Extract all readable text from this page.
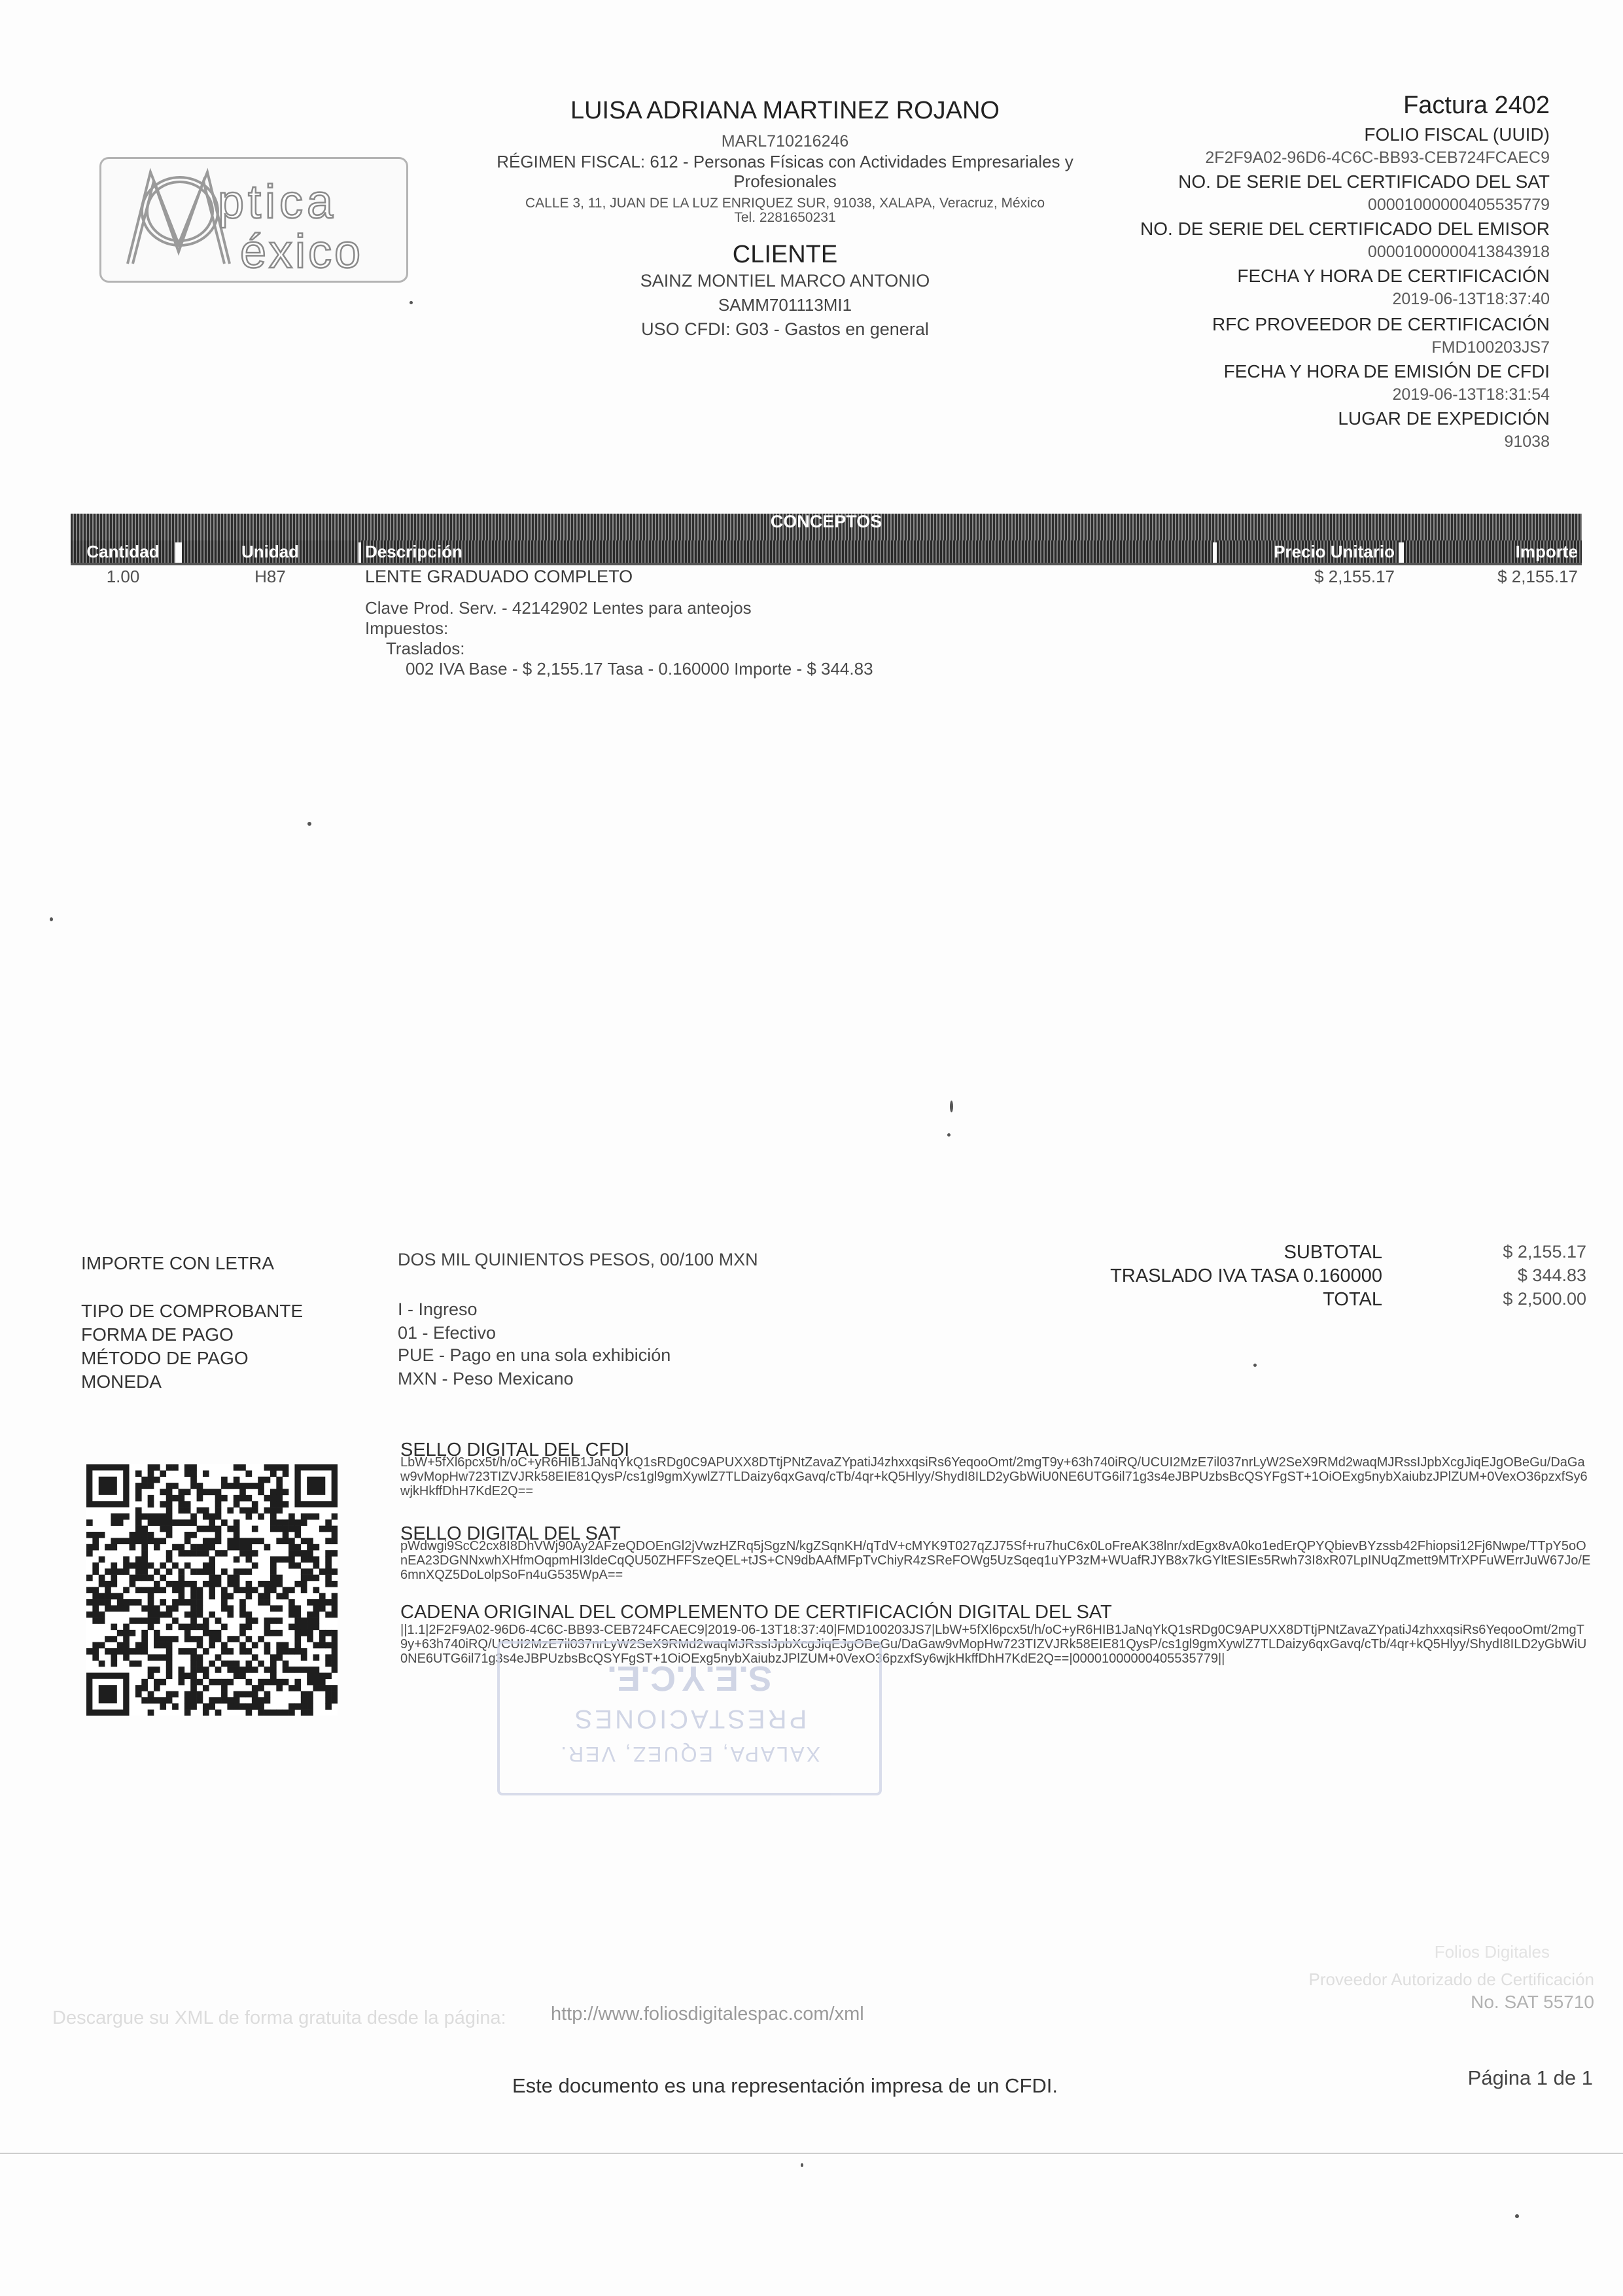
LUISA ADRIANA MARTINEZ ROJANO
MARL710216246
RÉGIMEN FISCAL: 612 - Personas Físicas con Actividades Empresariales y Profesionales
CALLE 3, 11, JUAN DE LA LUZ ENRIQUEZ SUR, 91038, XALAPA, Veracruz, México
Tel. 2281650231
CLIENTE
SAINZ MONTIEL MARCO ANTONIO
SAMM701113MI1
USO CFDI: G03 - Gastos en general
ptica
éxico
Factura 2402
FOLIO FISCAL (UUID)
2F2F9A02-96D6-4C6C-BB93-CEB724FCAEC9
NO. DE SERIE DEL CERTIFICADO DEL SAT
00001000000405535779
NO. DE SERIE DEL CERTIFICADO DEL EMISOR
00001000000413843918
FECHA Y HORA DE CERTIFICACIÓN
2019-06-13T18:37:40
RFC PROVEEDOR DE CERTIFICACIÓN
FMD100203JS7
FECHA Y HORA DE EMISIÓN DE CFDI
2019-06-13T18:31:54
LUGAR DE EXPEDICIÓN
91038
CONCEPTOS
Cantidad	Unidad	Descripción	Precio Unitario	Importe
1.00	H87	LENTE GRADUADO COMPLETO	$ 2,155.17	$ 2,155.17
Clave Prod. Serv. - 42142902 Lentes para anteojos
Impuestos:
Traslados:
002 IVA Base - $ 2,155.17 Tasa - 0.160000 Importe - $ 344.83
IMPORTE CON LETRA	DOS MIL QUINIENTOS PESOS, 00/100 MXN
TIPO DE COMPROBANTE	I - Ingreso
FORMA DE PAGO	01 - Efectivo
MÉTODO DE PAGO	PUE - Pago en una sola exhibición
MONEDA	MXN - Peso Mexicano
SUBTOTAL	$ 2,155.17
TRASLADO IVA TASA 0.160000	$ 344.83
TOTAL	$ 2,500.00
SELLO DIGITAL DEL CFDI
LbW+5fXl6pcx5t/h/oC+yR6HIB1JaNqYkQ1sRDg0C9APUXX8DTtjPNtZavaZYpatiJ4zhxxqsiRs6YeqooOmt/2mgT9y+63h740iRQ/UCUI2MzE7il037nrLyW2SeX9RMd2waqMJRssIJpbXcgJiqEJgOBeGu/DaGaw9vMopHw723TIZVJRk58EIE81QysP/cs1gl9gmXywlZ7TLDaizy6qxGavq/cTb/4qr+kQ5Hlyy/ShydI8ILD2yGbWiU0NE6UTG6il71g3s4eJBPUzbsBcQSYFgST+1OiOExg5nybXaiubzJPlZUM+0VexO36pzxfSy6wjkHkffDhH7KdE2Q==
SELLO DIGITAL DEL SAT
pWdwgi9ScC2cx8I8DhVWj90Ay2AFzeQDOEnGl2jVwzHZRq5jSgzN/kgZSqnKH/qTdV+cMYK9T027qZJ75Sf+ru7huC6x0LoFreAK38lnr/xdEgx8vA0ko1edErQPYQbievBYzssb42Fhiopsi12Fj6Nwpe/TTpY5oOnEA23DGNNxwhXHfmOqpmHI3ldeCqQU50ZHFFSzeQEL+tJS+CN9dbAAfMFpTvChiyR4zSReFOWg5UzSqeq1uYP3zM+WUafRJYB8x7kGYltESIEs5Rwh73I8xR07LpINUqZmett9MTrXPFuWErrJuW67Jo/E6mnXQZ5DoLolpSoFn4uG535WpA==
CADENA ORIGINAL DEL COMPLEMENTO DE CERTIFICACIÓN DIGITAL DEL SAT
||1.1|2F2F9A02-96D6-4C6C-BB93-CEB724FCAEC9|2019-06-13T18:37:40|FMD100203JS7|LbW+5fXl6pcx5t/h/oC+yR6HIB1JaNqYkQ1sRDg0C9APUXX8DTtjPNtZavaZYpatiJ4zhxxqsiRs6YeqooOmt/2mgT9y+63h740iRQ/UCUI2MzE7il037nrLyW2SeX9RMd2waqMJRssIJpbXcgJiqEJgOBeGu/DaGaw9vMopHw723TIZVJRk58EIE81QysP/cs1gl9gmXywlZ7TLDaizy6qxGavq/cTb/4qr+kQ5Hlyy/ShydI8ILD2yGbWiU0NE6UTG6il71g3s4eJBPUzbsBcQSYFgST+1OiOExg5nybXaiubzJPlZUM+0VexO36pzxfSy6wjkHkffDhH7KdE2Q==|00001000000405535779||
S.E.Y.C.E.
PRESTACIONES
XALAPA, EQUEZ, VER.
Folios Digitales
Proveedor Autorizado de Certificación
No. SAT 55710
Descargue su XML de forma gratuita desde la página: http://www.foliosdigitalespac.com/xml
Este documento es una representación impresa de un CFDI.	Página 1 de 1
